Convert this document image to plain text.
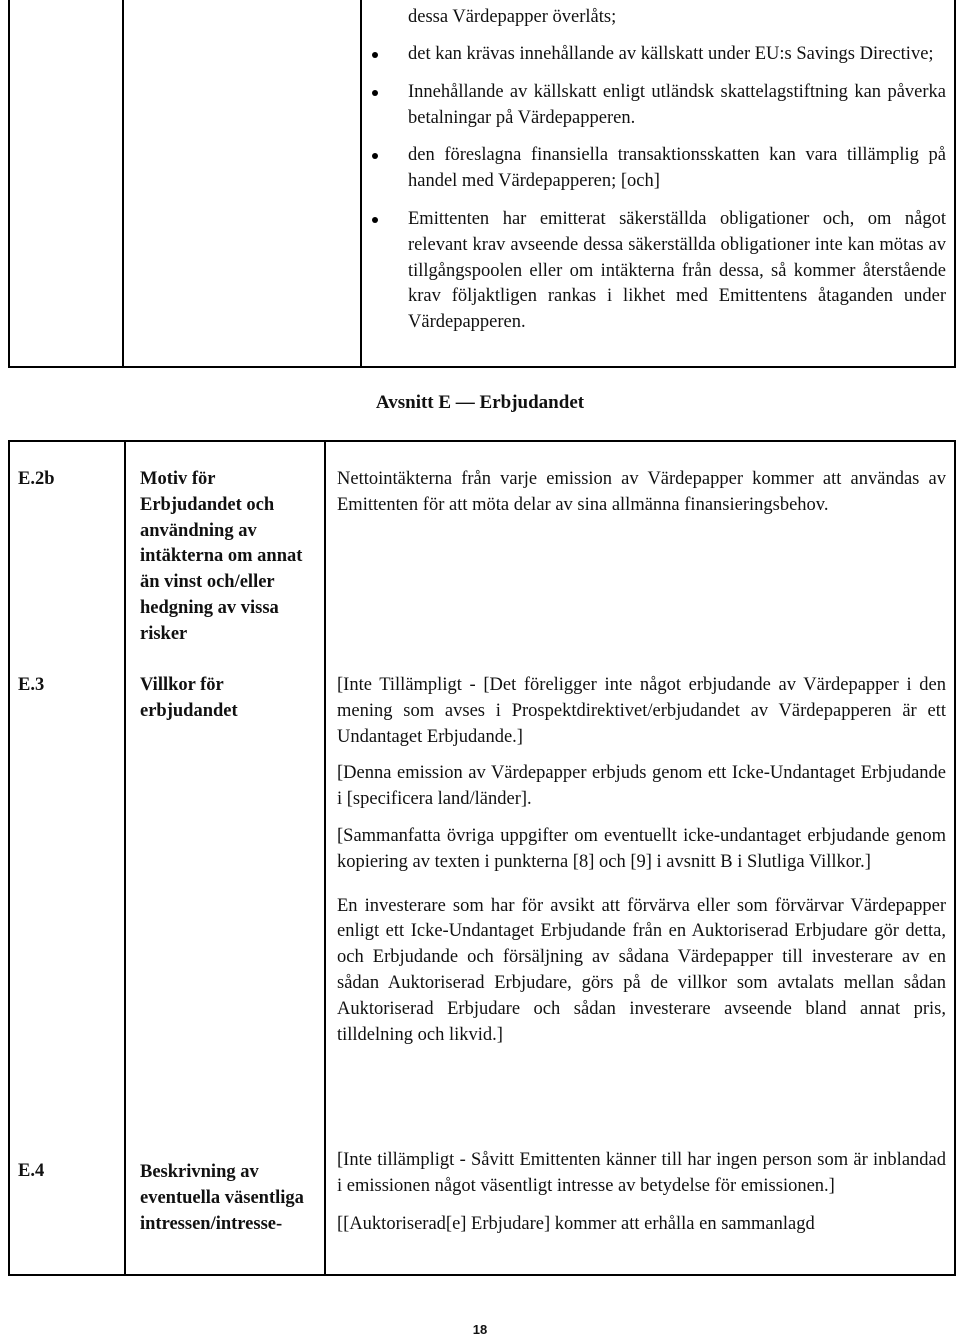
dessa Värdepapper överlåts;
det kan krävas innehållande av källskatt under EU:s Savings Directive;
Innehållande av källskatt enligt utländsk skattelagstiftning kan påverka betalningar på Värdepapperen.
den föreslagna finansiella transaktionsskatten kan vara tillämplig på handel med Värdepapperen; [och]
Emittenten har emitterat säkerställda obligationer och, om något relevant krav avseende dessa säkerställda obligationer inte kan mötas av tillgångspoolen eller om intäkterna från dessa, så kommer återstående krav följaktligen rankas i likhet med Emittentens åtaganden under Värdepapperen.
Avsnitt E — Erbjudandet
E.2b	Motiv för Erbjudandet och användning av intäkterna om annat än vinst och/eller hedgning av vissa risker

Nettointäkterna från varje emission av Värdepapper kommer att användas av Emittenten för att möta delar av sina allmänna finansieringsbehov.

E.3	Villkor för erbjudandet

[Inte Tillämpligt - [Det föreligger inte något erbjudande av Värdepapper i den mening som avses i Prospektdirektivet/erbjudandet av Värdepapperen är ett Undantaget Erbjudande.]

[Denna emission av Värdepapper erbjuds genom ett Icke-Undantaget Erbjudande i [specificera land/länder].

[Sammanfatta övriga uppgifter om eventuellt icke-undantaget erbjudande genom kopiering av texten i punkterna [8] och [9] i avsnitt B i Slutliga Villkor.]

En investerare som har för avsikt att förvärva eller som förvärvar Värdepapper enligt ett Icke-Undantaget Erbjudande från en Auktoriserad Erbjudare gör detta, och Erbjudande och försäljning av sådana Värdepapper till investerare av en sådan Auktoriserad Erbjudare, görs på de villkor som avtalats mellan sådan Auktoriserad Erbjudare och sådan investerare avseende bland annat pris, tilldelning och likvid.]

E.4	Beskrivning av eventuella väsentliga intressen/intresse-

[Inte tillämpligt - Såvitt Emittenten känner till har ingen person som är inblandad i emissionen något väsentligt intresse av betydelse för emissionen.]

[[Auktoriserad[e] Erbjudare] kommer att erhålla en sammanlagd

18
